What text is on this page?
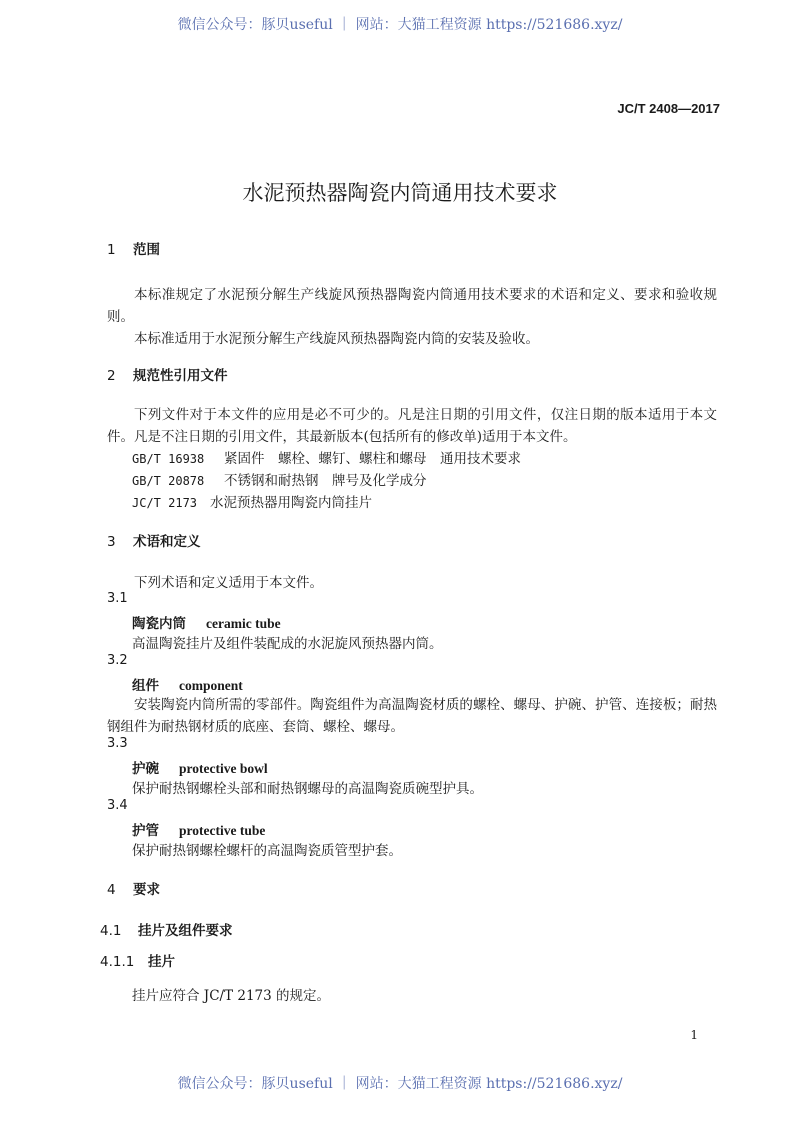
微信公众号：豚贝useful ｜ 网站：大猫工程资源 https://521686.xyz/
JC/T 2408—2017
水泥预热器陶瓷内筒通用技术要求
1 范围
本标准规定了水泥预分解生产线旋风预热器陶瓷内筒通用技术要求的术语和定义、要求和验收规则。
本标准适用于水泥预分解生产线旋风预热器陶瓷内筒的安装及验收。
2 规范性引用文件
下列文件对于本文件的应用是必不可少的。凡是注日期的引用文件，仅注日期的版本适用于本文件。凡是不注日期的引用文件，其最新版本(包括所有的修改单)适用于本文件。
GB/T 16938 紧固件　螺栓、螺钉、螺柱和螺母　通用技术要求
GB/T 20878 不锈钢和耐热钢　牌号及化学成分
JC/T 2173 水泥预热器用陶瓷内筒挂片
3 术语和定义
下列术语和定义适用于本文件。
3.1
陶瓷内筒 ceramic tube
高温陶瓷挂片及组件装配成的水泥旋风预热器内筒。
3.2
组件 component
安装陶瓷内筒所需的零部件。陶瓷组件为高温陶瓷材质的螺栓、螺母、护碗、护管、连接板；耐热钢组件为耐热钢材质的底座、套筒、螺栓、螺母。
3.3
护碗 protective bowl
保护耐热钢螺栓头部和耐热钢螺母的高温陶瓷质碗型护具。
3.4
护管 protective tube
保护耐热钢螺栓螺杆的高温陶瓷质管型护套。
4 要求
4.1 挂片及组件要求
4.1.1 挂片
挂片应符合 JC/T 2173 的规定。
1
微信公众号：豚贝useful ｜ 网站：大猫工程资源 https://521686.xyz/
